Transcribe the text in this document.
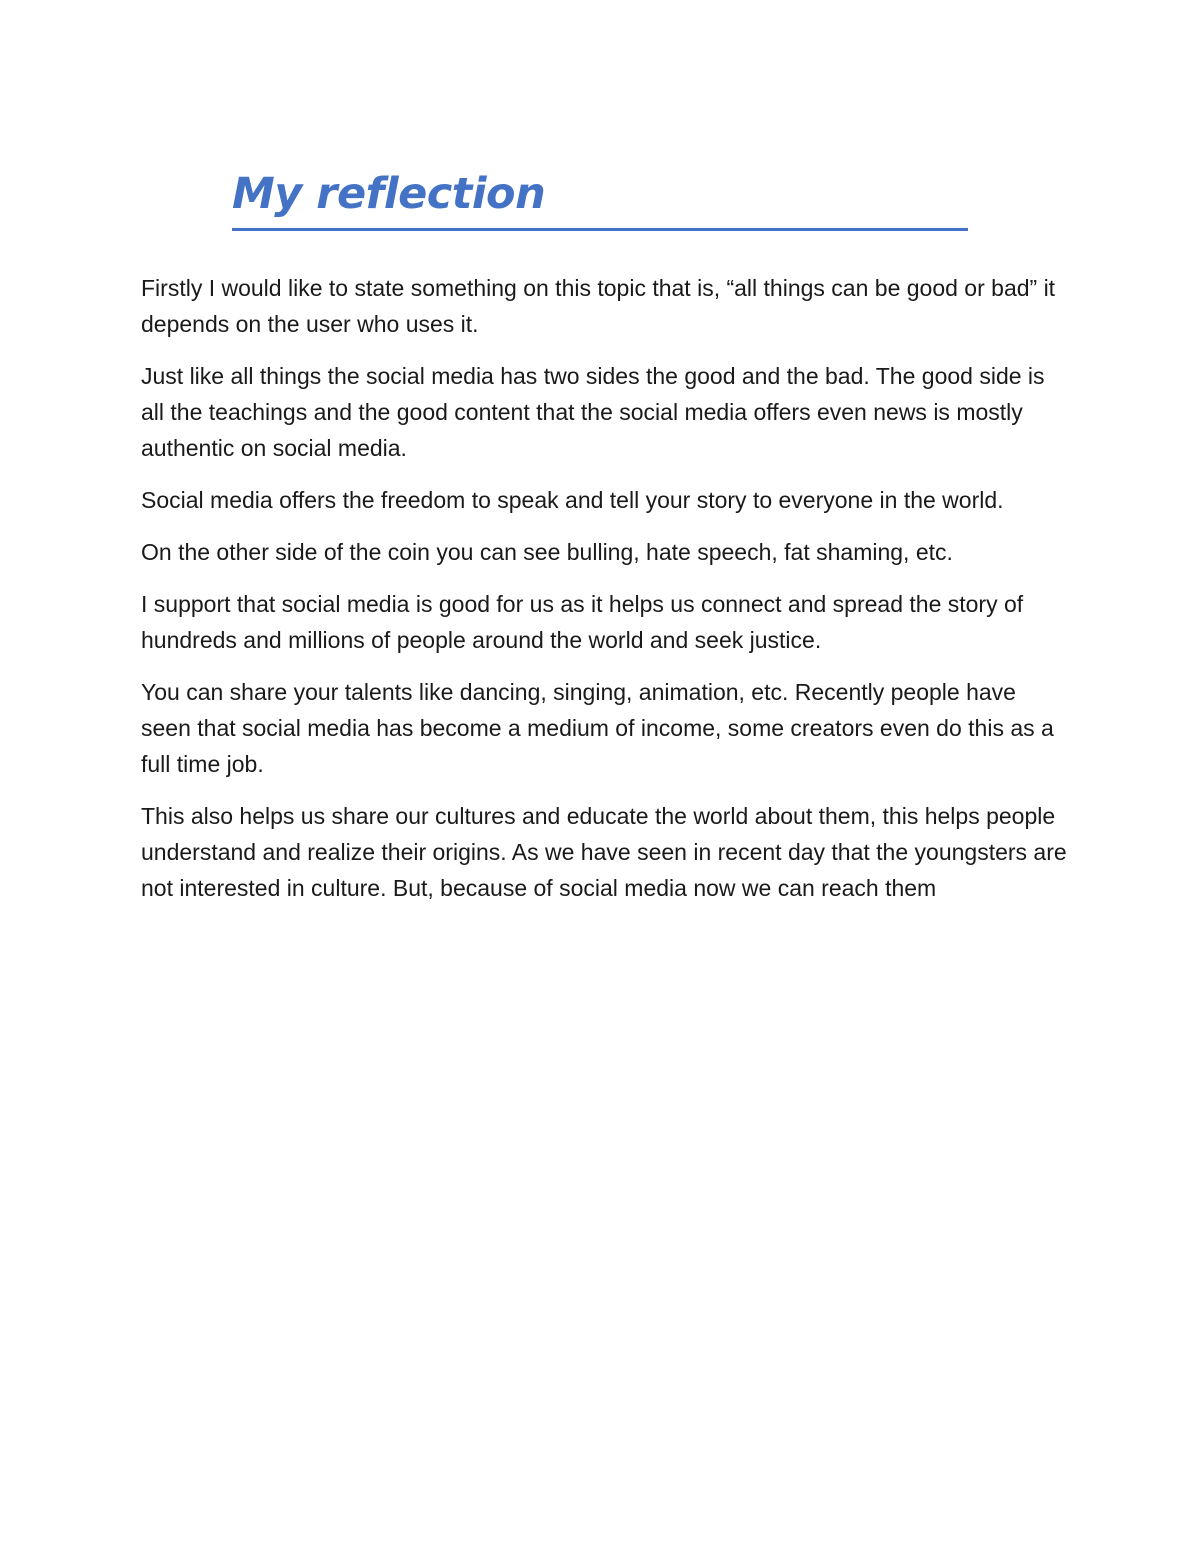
My reflection

Firstly I would like to state something on this topic that is, “all things can be good or bad” it depends on the user who uses it.

Just like all things the social media has two sides the good and the bad. The good side is all the teachings and the good content that the social media offers even news is mostly authentic on social media.

Social media offers the freedom to speak and tell your story to everyone in the world.

On the other side of the coin you can see bulling, hate speech, fat shaming, etc.

I support that social media is good for us as it helps us connect and spread the story of hundreds and millions of people around the world and seek justice.

You can share your talents like dancing, singing, animation, etc. Recently people have seen that social media has become a medium of income, some creators even do this as a full time job.

This also helps us share our cultures and educate the world about them, this helps people understand and realize their origins. As we have seen in recent day that the youngsters are not interested in culture. But, because of social media now we can reach them
